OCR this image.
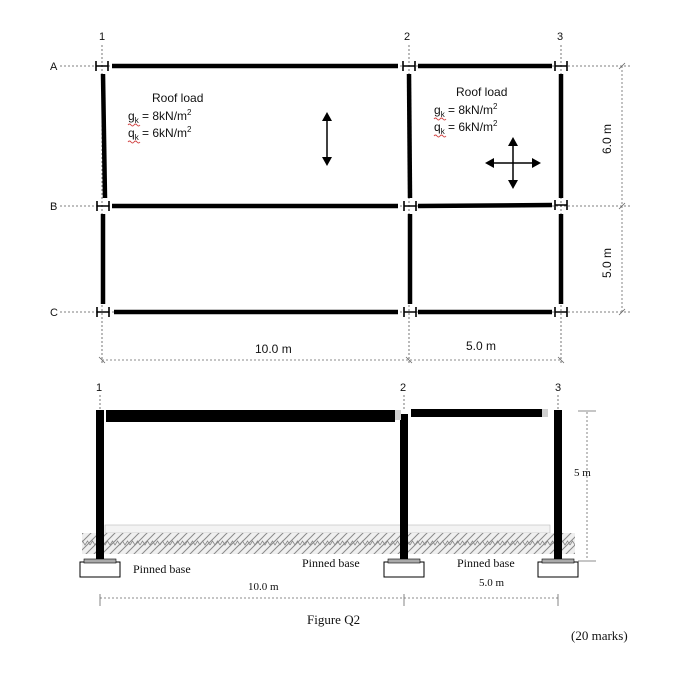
1	2	3
A
B
C
Roof load
$g_k = 8kN/m^2$
$q_k = 6kN/m^2$
Roof load
$g_k = 8kN/m^2$
$q_k = 6kN/m^2$
10.0 m	5.0 m
6.0 m
5.0 m
1	2	3
Pinned base	Pinned base	Pinned base
10.0 m	5.0 m
5 m
Figure Q2
(20 marks)
